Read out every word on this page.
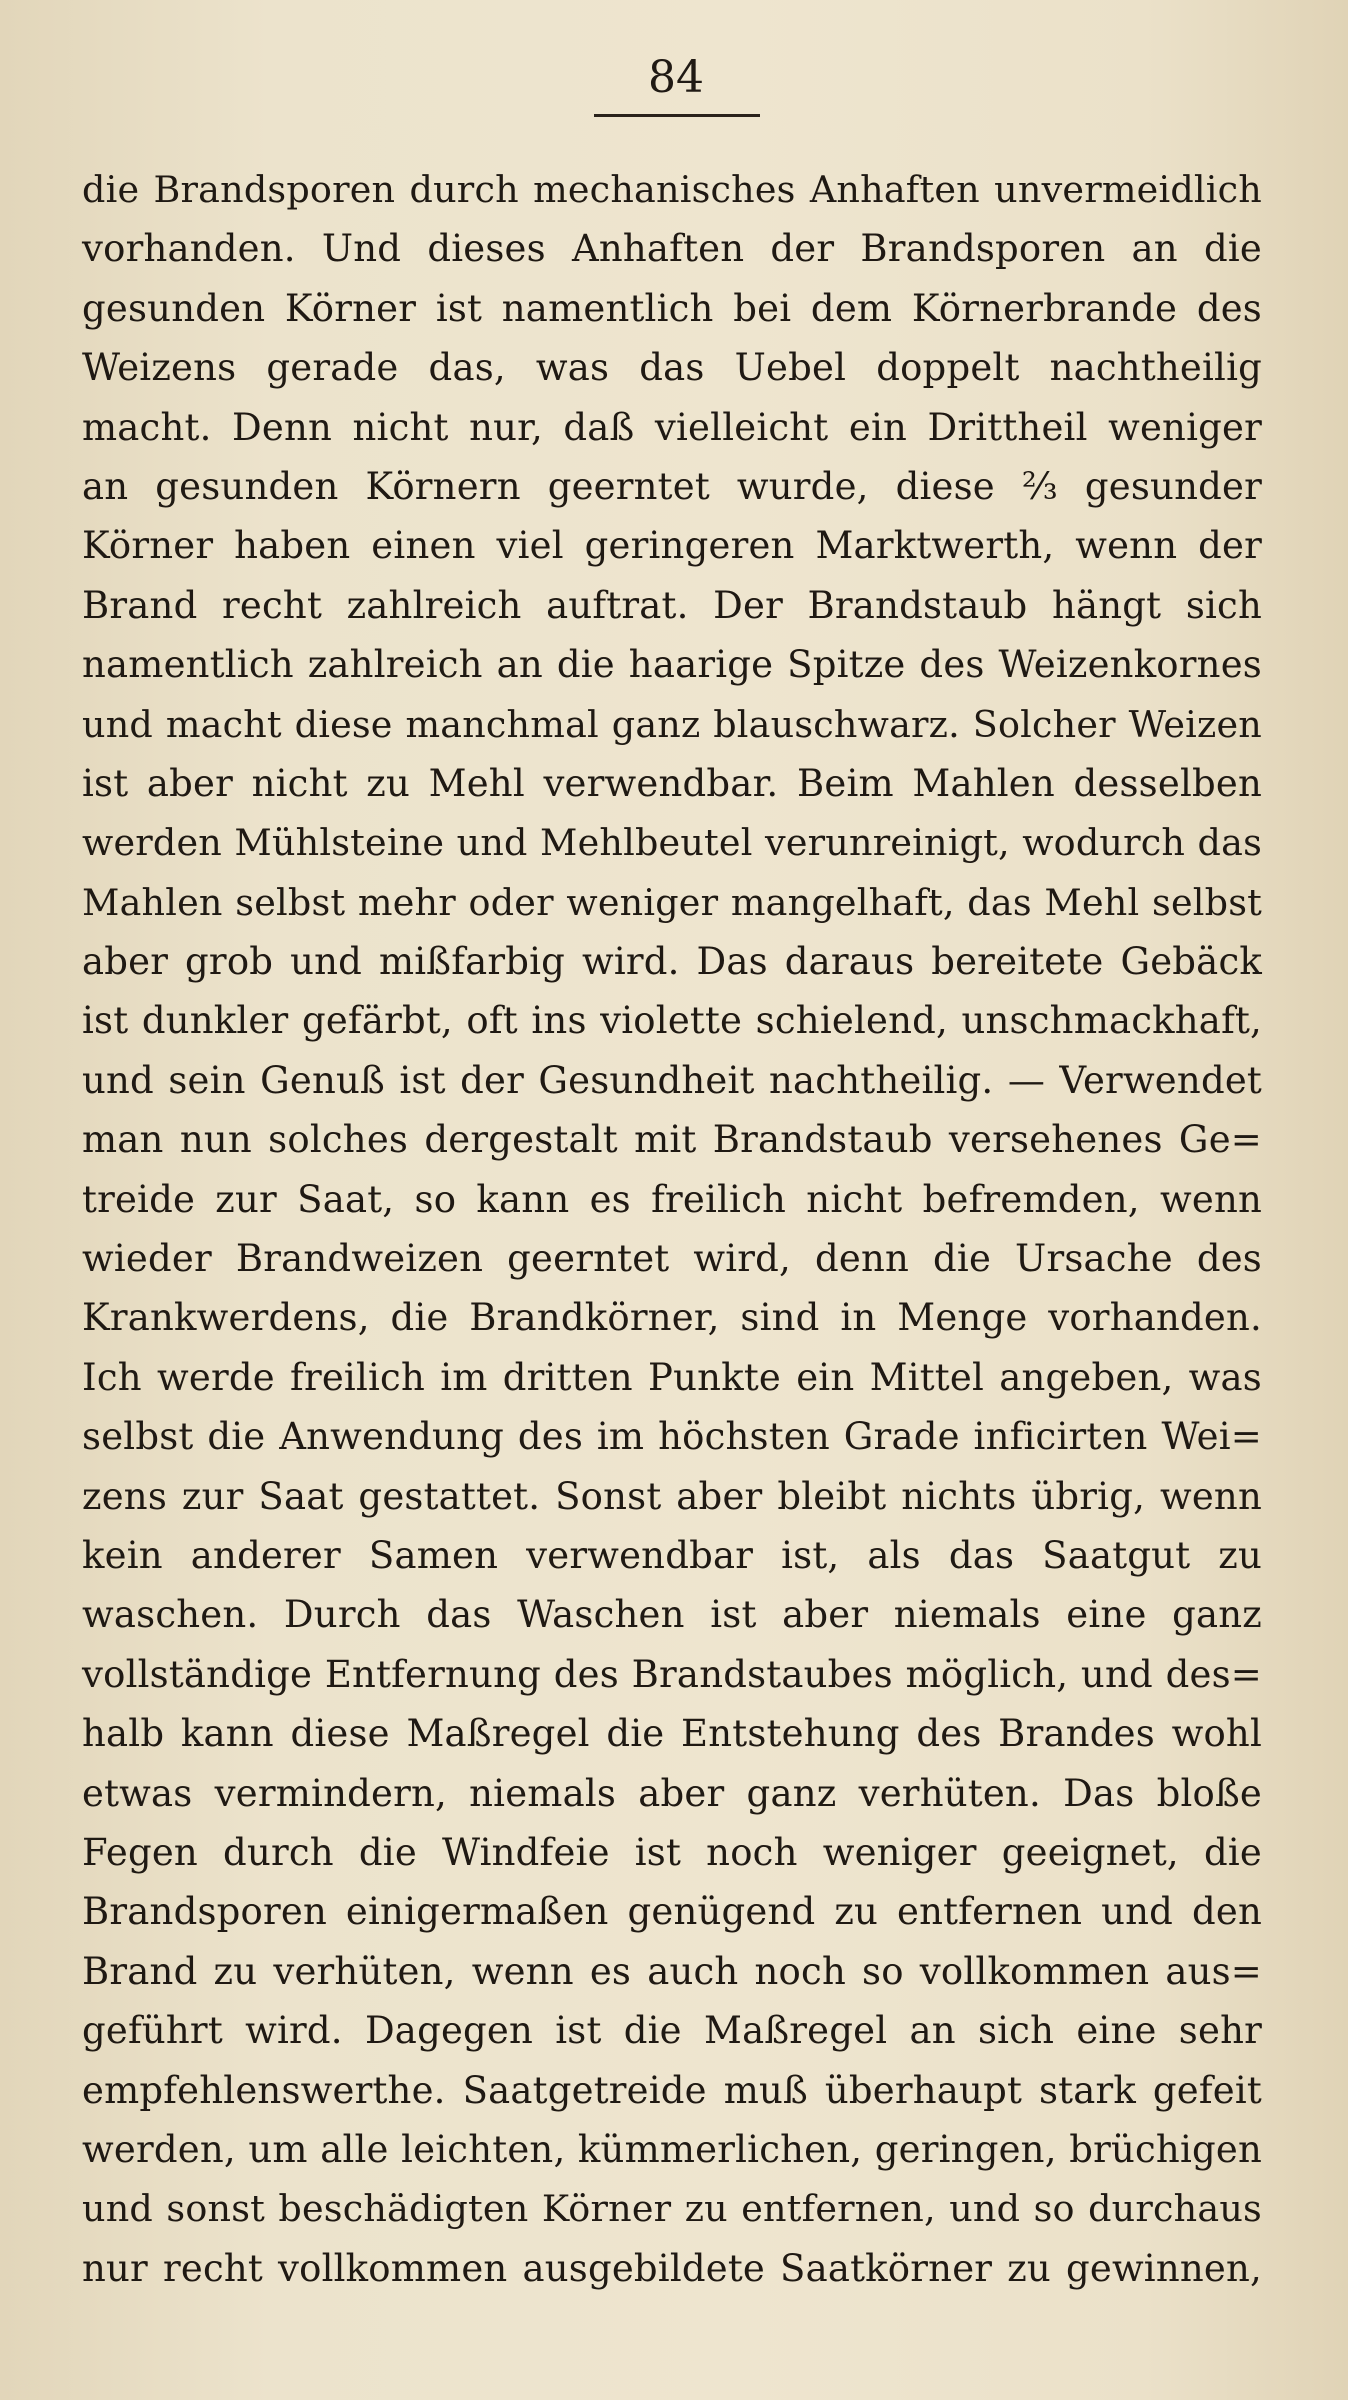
84
die Brandsporen durch mechanisches Anhaften unvermeidlich
vorhanden. Und dieses Anhaften der Brandsporen an die
gesunden Körner ist namentlich bei dem Körnerbrande des
Weizens gerade das, was das Uebel doppelt nachtheilig
macht. Denn nicht nur, daß vielleicht ein Drittheil weniger
an gesunden Körnern geerntet wurde, diese ⅔ gesunder
Körner haben einen viel geringeren Marktwerth, wenn der
Brand recht zahlreich auftrat. Der Brandstaub hängt sich
namentlich zahlreich an die haarige Spitze des Weizenkornes
und macht diese manchmal ganz blauschwarz. Solcher Weizen
ist aber nicht zu Mehl verwendbar. Beim Mahlen desselben
werden Mühlsteine und Mehlbeutel verunreinigt, wodurch das
Mahlen selbst mehr oder weniger mangelhaft, das Mehl selbst
aber grob und mißfarbig wird. Das daraus bereitete Gebäck
ist dunkler gefärbt, oft ins violette schielend, unschmackhaft,
und sein Genuß ist der Gesundheit nachtheilig. — Verwendet
man nun solches dergestalt mit Brandstaub versehenes Ge=
treide zur Saat, so kann es freilich nicht befremden, wenn
wieder Brandweizen geerntet wird, denn die Ursache des
Krankwerdens, die Brandkörner, sind in Menge vorhanden.
Ich werde freilich im dritten Punkte ein Mittel angeben, was
selbst die Anwendung des im höchsten Grade inficirten Wei=
zens zur Saat gestattet. Sonst aber bleibt nichts übrig, wenn
kein anderer Samen verwendbar ist, als das Saatgut zu
waschen. Durch das Waschen ist aber niemals eine ganz
vollständige Entfernung des Brandstaubes möglich, und des=
halb kann diese Maßregel die Entstehung des Brandes wohl
etwas vermindern, niemals aber ganz verhüten. Das bloße
Fegen durch die Windfeie ist noch weniger geeignet, die
Brandsporen einigermaßen genügend zu entfernen und den
Brand zu verhüten, wenn es auch noch so vollkommen aus=
geführt wird. Dagegen ist die Maßregel an sich eine sehr
empfehlenswerthe. Saatgetreide muß überhaupt stark gefeit
werden, um alle leichten, kümmerlichen, geringen, brüchigen
und sonst beschädigten Körner zu entfernen, und so durchaus
nur recht vollkommen ausgebildete Saatkörner zu gewinnen,
